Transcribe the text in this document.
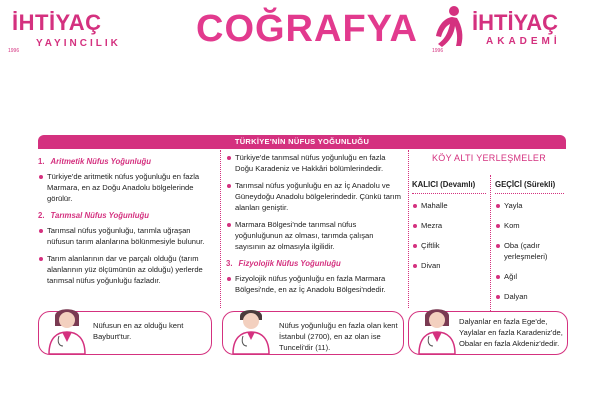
İHTİYAÇ
YAYINCILIK
1996
COĞRAFYA İHTİYAÇ
AKADEMİ
1996
TÜRKİYE'NİN NÜFUS YOĞUNLUĞU
1. Aritmetik Nüfus Yoğunluğu
Türkiye'de aritmetik nüfus yoğunluğu en fazla Marmara, en az Doğu Anadolu bölgelerinde görülür.
2. Tarımsal Nüfus Yoğunluğu
Tarımsal nüfus yoğunluğu, tarımla uğraşan nüfusun tarım alanlarına bölünmesiyle bulunur.
Tarım alanlarının dar ve parçalı olduğu (tarım alanlarının yüz ölçümünün az olduğu) yerlerde tarımsal nüfus yoğunluğu fazladır.
Türkiye'de tarımsal nüfus yoğunluğu en fazla Doğu Karadeniz ve Hakkâri bölümlerindedir.
Tarımsal nüfus yoğunluğu en az İç Anadolu ve Güneydoğu Anadolu bölgelerindedir. Çünkü tarım alanları geniştir.
Marmara Bölgesi'nde tarımsal nüfus yoğunluğunun az olması, tarımda çalışan sayısının az olmasıyla ilgilidir.
3. Fizyolojik Nüfus Yoğunluğu
Fizyolojik nüfus yoğunluğu en fazla Marmara Bölgesi'nde, en az İç Anadolu Bölgesi'ndedir.
KÖY ALTI YERLEŞMELER
KALICI (Devamlı)
Mahalle
Mezra
Çiftlik
Divan
GEÇİCİ (Sürekli)
Yayla
Kom
Oba (çadır yerleşmeleri)
Ağıl
Dalyan
Nüfusun en az olduğu kent Bayburt'tur.
Nüfus yoğunluğu en fazla olan kent İstanbul (2700), en az olan ise Tunceli'dir (11).
Dalyanlar en fazla Ege'de, Yaylalar en fazla Karadeniz'de, Obalar en fazla Akdeniz'dedir.
